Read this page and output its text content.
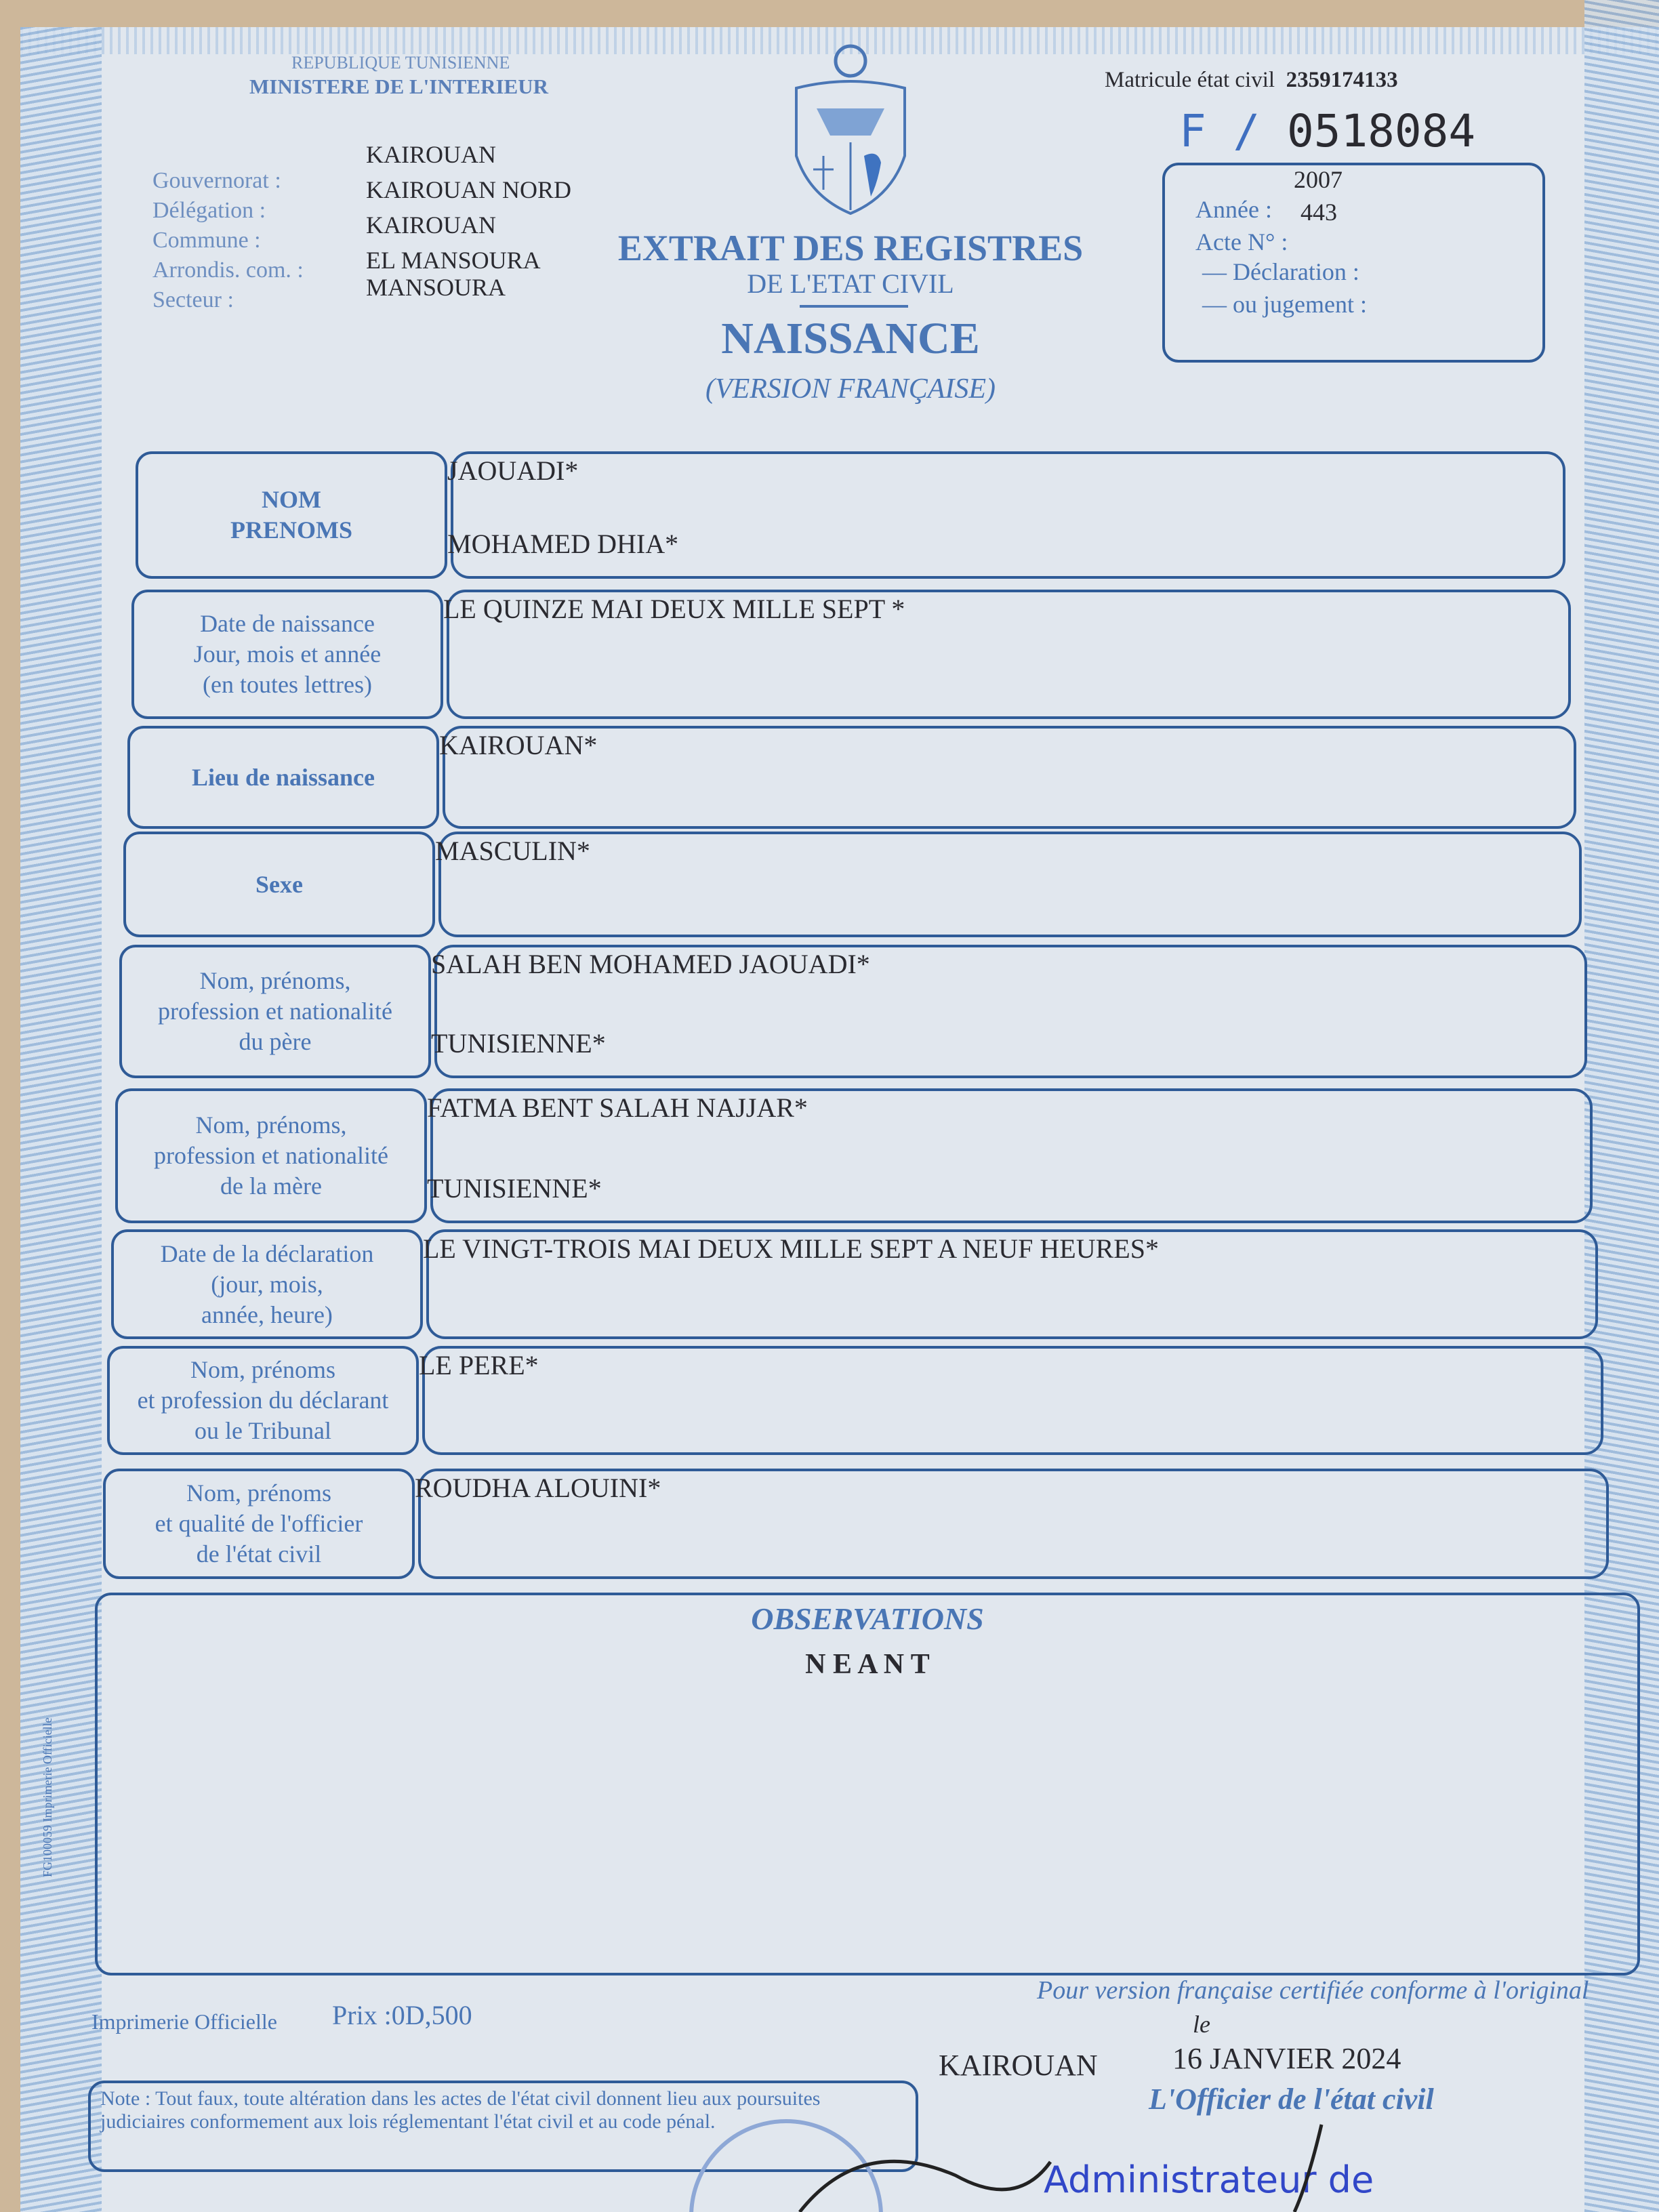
REPUBLIQUE TUNISIENNE
MINISTERE DE L'INTERIEUR
Gouvernorat :
Délégation :
Commune :
Arrondis. com. :
Secteur :
KAIROUAN
KAIROUAN NORD
KAIROUAN
EL MANSOURA
MANSOURA
EXTRAIT DES REGISTRES
DE L'ETAT CIVIL
NAISSANCE
(VERSION FRANÇAISE)
Matricule état civil 2359174133
F / 0518084
2007
Année : 443
Acte N° :
— Déclaration :
— ou jugement :
NOM
PRENOMS
JAOUADI*
MOHAMED DHIA*
Date de naissance
Jour, mois et année
(en toutes lettres)
LE QUINZE MAI DEUX MILLE SEPT *
Lieu de naissance
KAIROUAN*
Sexe
MASCULIN*
Nom, prénoms,
profession et nationalité
du père
SALAH BEN MOHAMED JAOUADI*
TUNISIENNE*
Nom, prénoms,
profession et nationalité
de la mère
FATMA BENT SALAH NAJJAR*
TUNISIENNE*
Date de la déclaration
(jour, mois,
année, heure)
LE VINGT-TROIS MAI DEUX MILLE SEPT A NEUF HEURES*
Nom, prénoms
et profession du déclarant
ou le Tribunal
LE PERE*
Nom, prénoms
et qualité de l'officier
de l'état civil
ROUDHA ALOUINI*
OBSERVATIONS
N E A N T
FG100059 Imprimerie Officielle
Imprimerie Officielle Prix :0D,500
Pour version française certifiée conforme à l'original
le
KAIROUAN	16 JANVIER 2024
L'Officier de l'état civil
Note : Tout faux, toute altération dans les actes de l'état civil donnent lieu aux poursuites judiciaires conformement aux lois réglementant l'état civil et au code pénal.
Administrateur de
